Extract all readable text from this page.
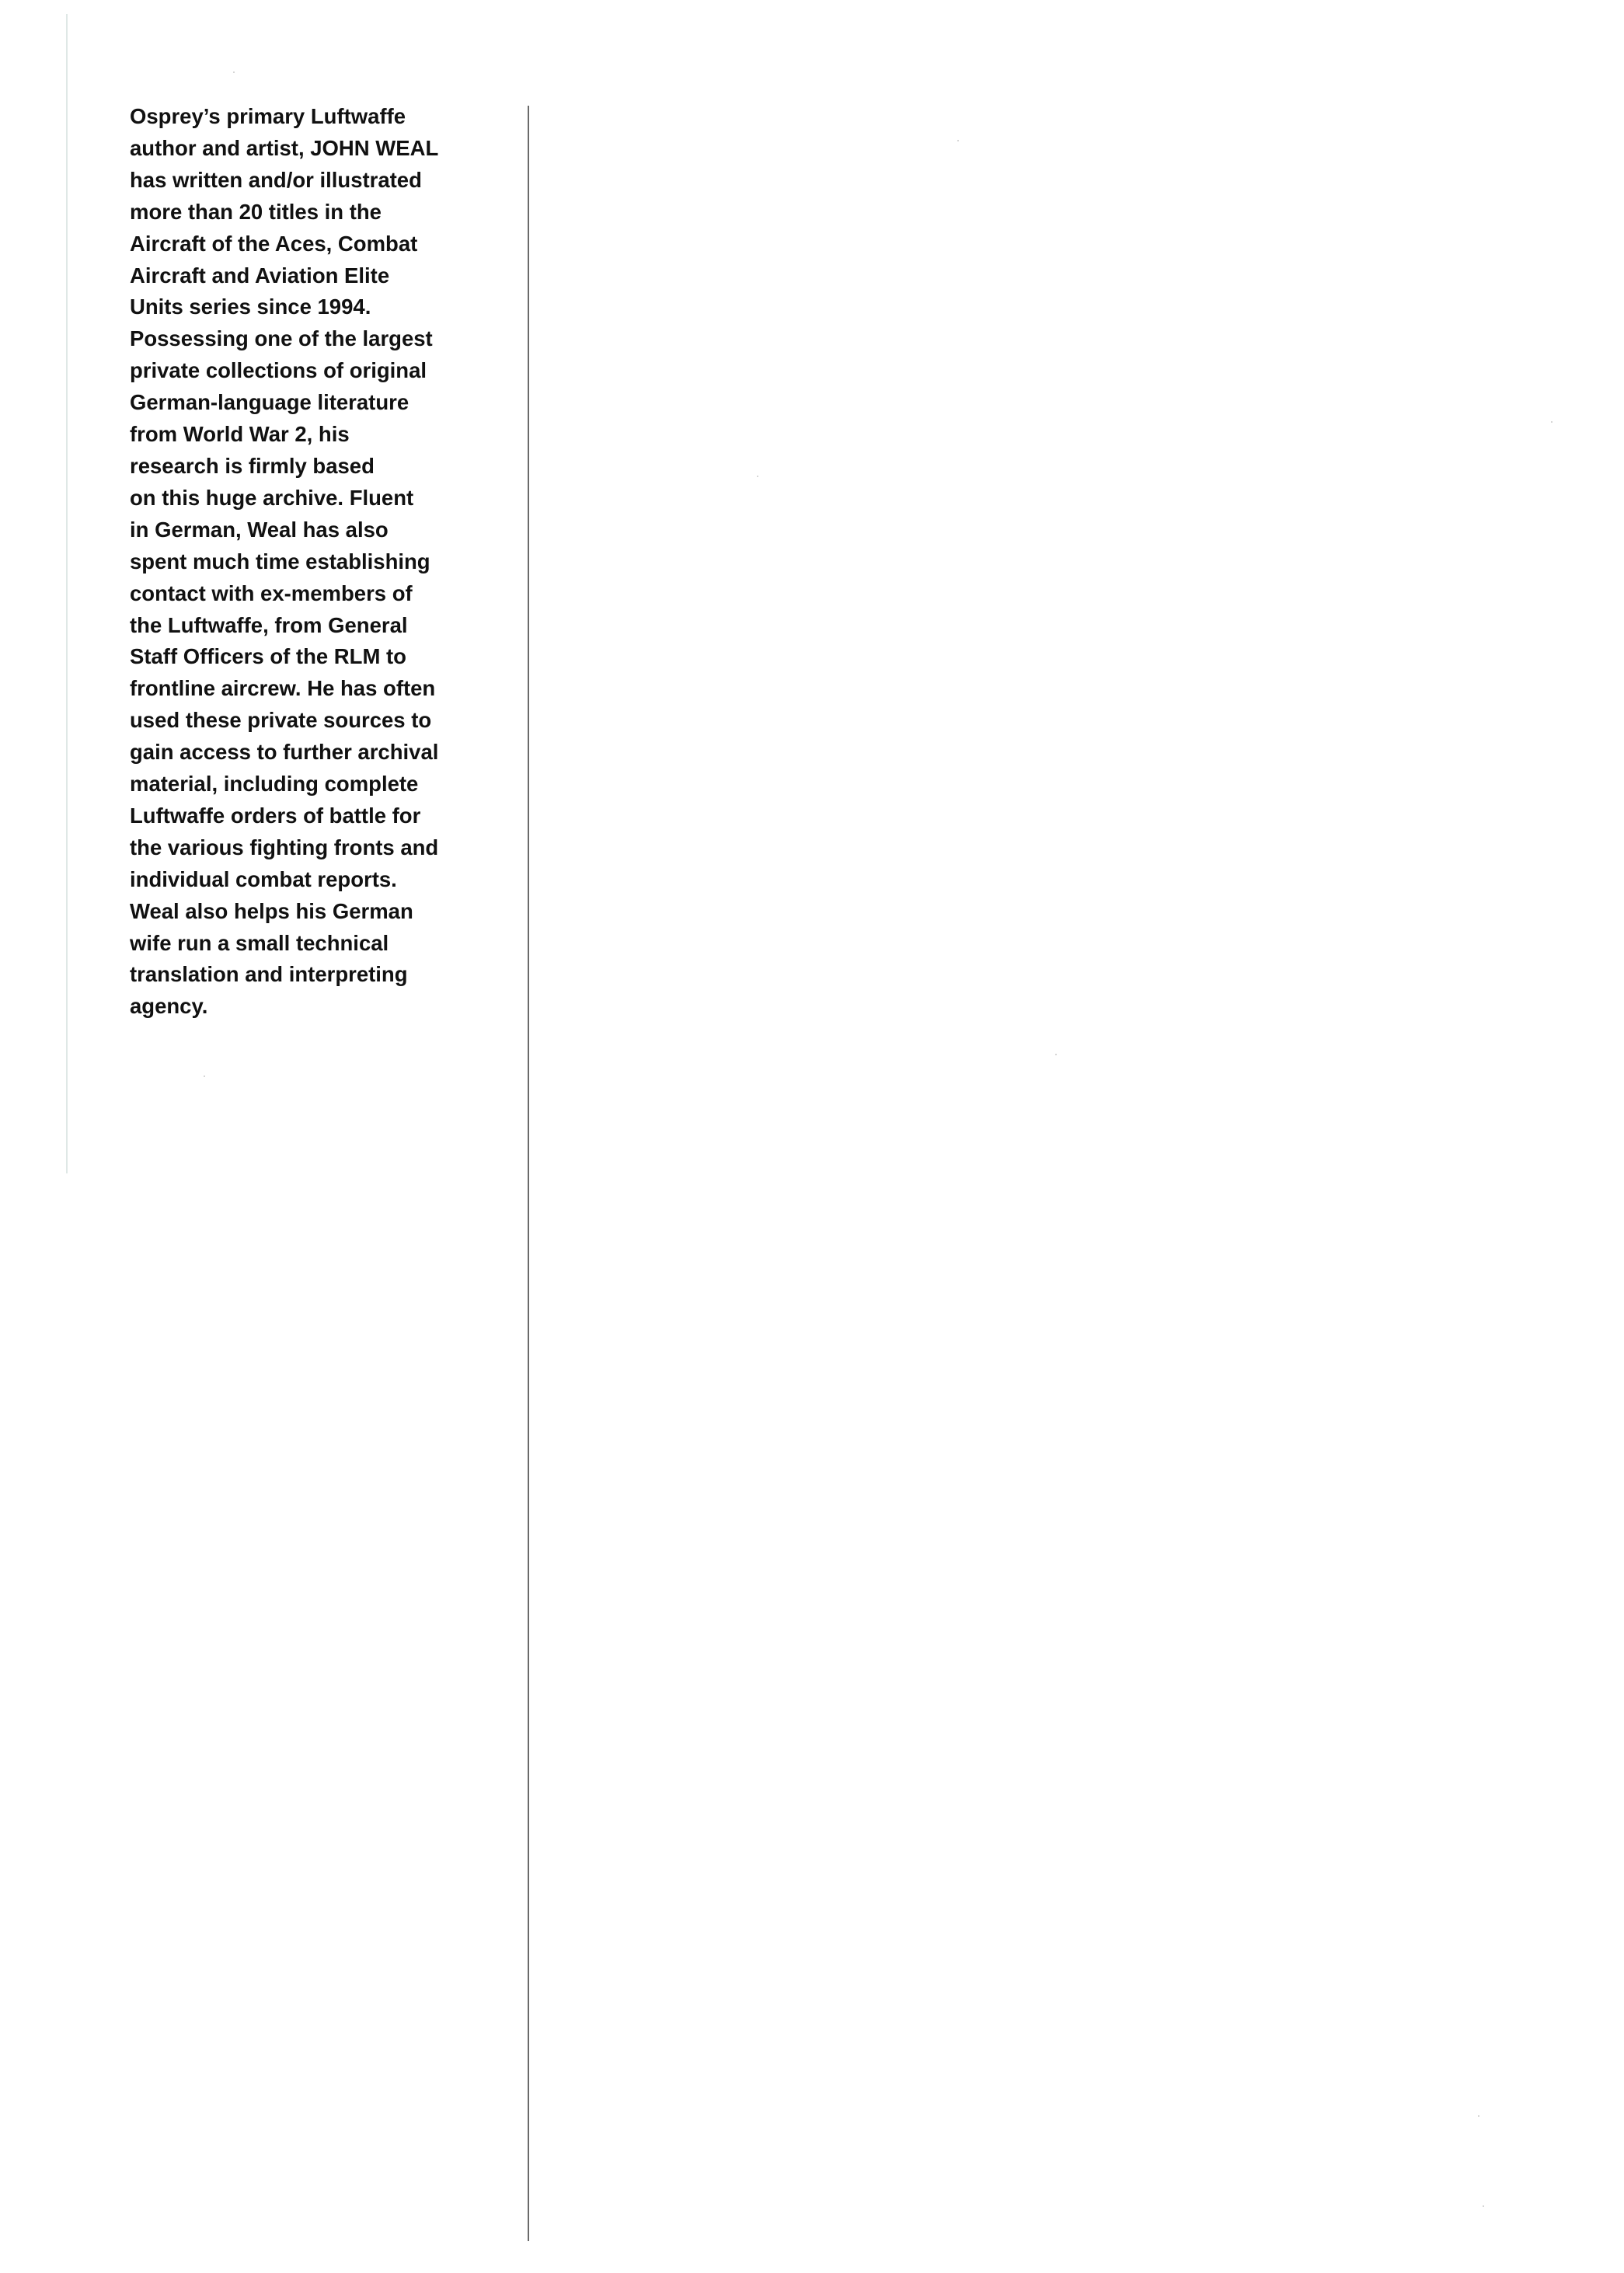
Osprey’s primary Luftwaffe
author and artist, JOHN WEAL
has written and/or illustrated
more than 20 titles in the
Aircraft of the Aces, Combat
Aircraft and Aviation Elite
Units series since 1994.
Possessing one of the largest
private collections of original
German-language literature
from World War 2, his
research is firmly based
on this huge archive. Fluent
in German, Weal has also
spent much time establishing
contact with ex-members of
the Luftwaffe, from General
Staff Officers of the RLM to
frontline aircrew. He has often
used these private sources to
gain access to further archival
material, including complete
Luftwaffe orders of battle for
the various fighting fronts and
individual combat reports.
Weal also helps his German
wife run a small technical
translation and interpreting
agency.
